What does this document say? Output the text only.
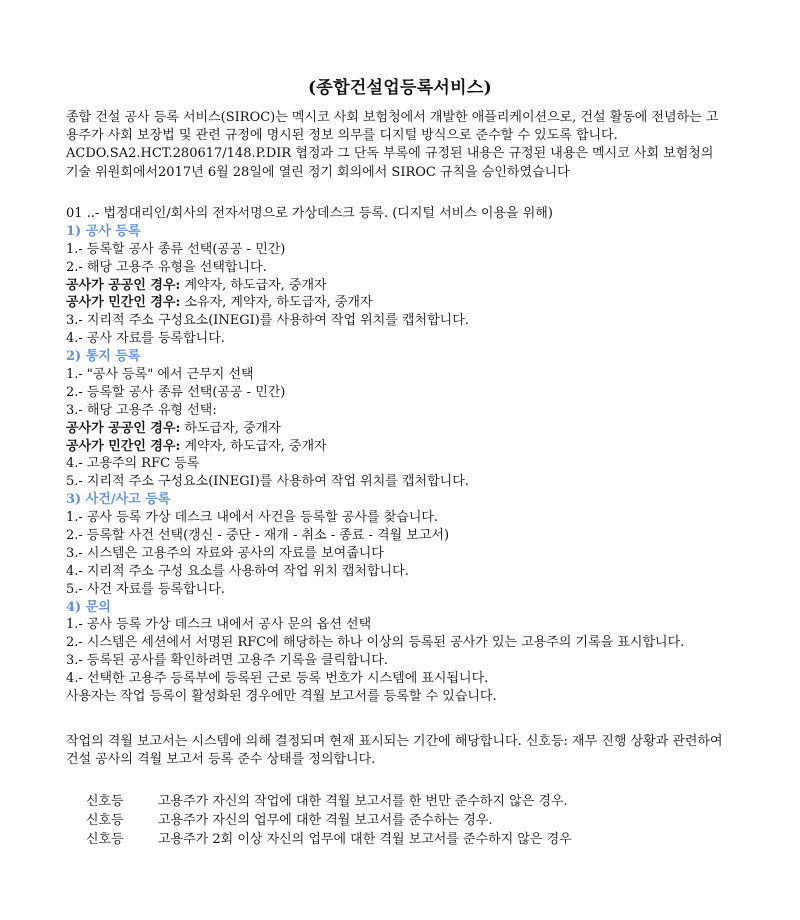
(종합건설업등록서비스)
종합 건설 공사 등록 서비스(SIROC)는 멕시코 사회 보험청에서 개발한 애플리케이션으로, 건설 활동에 전념하는 고용주가 사회 보장법 및 관련 규정에 명시된 정보 의무를 디지털 방식으로 준수할 수 있도록 합니다. ACDO.SA2.HCT.280617/148.P.DIR 협정과 그 단독 부록에 규정된 내용은 규정된 내용은 멕시코 사회 보험청의 기술 위원회에서2017년 6월 28일에 열린 정기 회의에서 SIROC 규칙을 승인하였습니다
01 ..- 법정대리인/회사의 전자서명으로 가상데스크 등록. (디지털 서비스 이용을 위해)
1) 공사 등록
1.- 등록할 공사 종류 선택(공공 - 민간)
2.- 해당 고용주 유형을 선택합니다.
공사가 공공인 경우: 계약자, 하도급자, 중개자
공사가 민간인 경우: 소유자, 계약자, 하도급자, 중개자
3.- 지리적 주소 구성요소(INEGI)를 사용하여 작업 위치를 캡처합니다.
4.- 공사 자료를 등록합니다.
2) 통지 등록
1.- "공사 등록" 에서 근무지 선택
2.- 등록할 공사 종류 선택(공공 - 민간)
3.- 해당 고용주 유형 선택:
공사가 공공인 경우: 하도급자, 중개자
공사가 민간인 경우: 계약자, 하도급자, 중개자
4.- 고용주의 RFC 등록
5.- 지리적 주소 구성요소(INEGI)를 사용하여 작업 위치를 캡처합니다.
3) 사건/사고 등록
1.- 공사 등록 가상 데스크 내에서 사건을 등록할 공사를 찾습니다.
2.- 등록할 사건 선택(갱신 - 중단 - 재개 - 취소 - 종료 - 격월 보고서)
3.- 시스템은 고용주의 자료와 공사의 자료를 보여줍니다
4.- 지리적 주소 구성 요소를 사용하여 작업 위치 캡처합니다.
5.- 사건 자료를 등록합니다.
4) 문의
1.- 공사 등록 가상 데스크 내에서 공사 문의 옵션 선택
2.- 시스템은 세션에서 서명된 RFC에 해당하는 하나 이상의 등록된 공사가 있는 고용주의 기록을 표시합니다.
3.- 등록된 공사를 확인하려면 고용주 기록을 클릭합니다.
4.- 선택한 고용주 등록부에 등록된 근로 등록 번호가 시스템에 표시됩니다.
사용자는 작업 등록이 활성화된 경우에만 격월 보고서를 등록할 수 있습니다.
작업의 격월 보고서는 시스템에 의해 결정되며 현재 표시되는 기간에 해당합니다. 신호등: 재무 진행 상황과 관련하여 건설 공사의 격월 보고서 등록 준수 상태를 정의합니다.
신호등	고용주가 자신의 작업에 대한 격월 보고서를 한 번만 준수하지 않은 경우.
신호등	고용주가 자신의 업무에 대한 격월 보고서를 준수하는 경우.
신호등	고용주가 2회 이상 자신의 업무에 대한 격월 보고서를 준수하지 않은 경우
